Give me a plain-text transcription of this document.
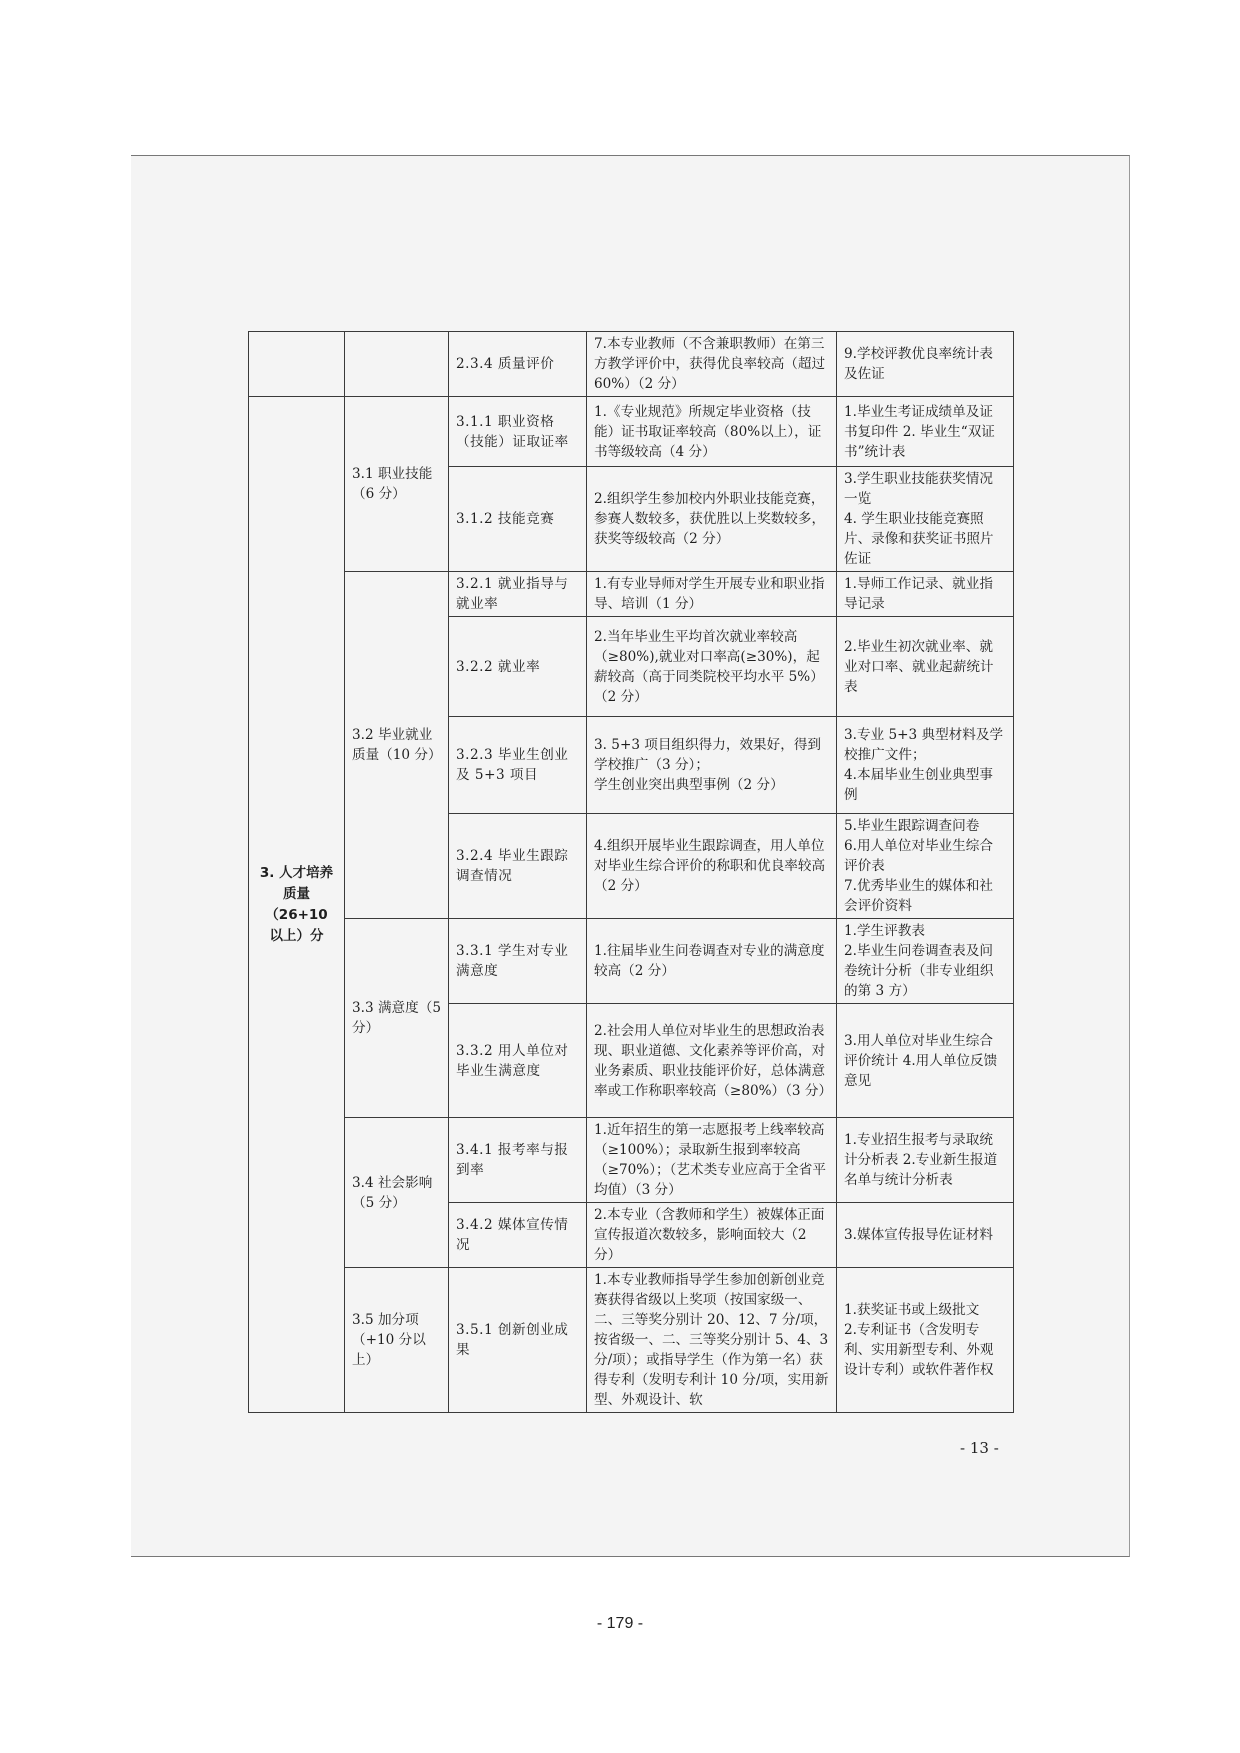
		2.3.4 质量评价	7.本专业教师（不含兼职教师）在第三方教学评价中，获得优良率较高（超过 60%）（2 分）	9.学校评教优良率统计表及佐证

3. 人才培养
质量（26+10
以上）分	3.1 职业技能（6 分）	3.1.1 职业资格（技能）证取证率	1.《专业规范》所规定毕业资格（技能）证书取证率较高（80%以上），证书等级较高（4 分）	1.毕业生考证成绩单及证书复印件 2. 毕业生“双证书”统计表
		3.1.2 技能竞赛	2.组织学生参加校内外职业技能竞赛，参赛人数较多，获优胜以上奖数较多，获奖等级较高（2 分）	3.学生职业技能获奖情况一览
4. 学生职业技能竞赛照片、录像和获奖证书照片佐证
	3.2 毕业就业质量（10 分）	3.2.1 就业指导与就业率	1.有专业导师对学生开展专业和职业指导、培训（1 分）	1.导师工作记录、就业指导记录
		3.2.2 就业率	2.当年毕业生平均首次就业率较高（≥80%),就业对口率高(≥30%)，起薪较高（高于同类院校平均水平 5%）（2 分）	2.毕业生初次就业率、就业对口率、就业起薪统计表
		3.2.3 毕业生创业及 5+3 项目	3. 5+3 项目组织得力，效果好，得到学校推广（3 分）；
学生创业突出典型事例（2 分）	3.专业 5+3 典型材料及学校推广文件；
4.本届毕业生创业典型事例
		3.2.4 毕业生跟踪调查情况	4.组织开展毕业生跟踪调查，用人单位对毕业生综合评价的称职和优良率较高（2 分）	5.毕业生跟踪调查问卷
6.用人单位对毕业生综合评价表
7.优秀毕业生的媒体和社会评价资料
	3.3 满意度（5 分）	3.3.1 学生对专业满意度	1.往届毕业生问卷调查对专业的满意度较高（2 分）	1.学生评教表
2.毕业生问卷调查表及问卷统计分析（非专业组织的第 3 方）
		3.3.2 用人单位对毕业生满意度	2.社会用人单位对毕业生的思想政治表现、职业道德、文化素养等评价高，对业务素质、职业技能评价好，总体满意率或工作称职率较高（≥80%）（3 分）	3.用人单位对毕业生综合评价统计 4.用人单位反馈意见
	3.4 社会影响（5 分）	3.4.1 报考率与报到率	1.近年招生的第一志愿报考上线率较高（≥100%）；录取新生报到率较高（≥70%）；（艺术类专业应高于全省平均值）（3 分）	1.专业招生报考与录取统计分析表 2.专业新生报道名单与统计分析表
		3.4.2 媒体宣传情况	2.本专业（含教师和学生）被媒体正面宣传报道次数较多，影响面较大（2 分）	3.媒体宣传报导佐证材料
	3.5 加分项（+10 分以上）	3.5.1 创新创业成果	1.本专业教师指导学生参加创新创业竞赛获得省级以上奖项（按国家级一、二、三等奖分别计 20、12、7 分/项，按省级一、二、三等奖分别计 5、4、3 分/项）；或指导学生（作为第一名）获得专利（发明专利计 10 分/项，实用新型、外观设计、软	1.获奖证书或上级批文
2.专利证书（含发明专利、实用新型专利、外观设计专利）或软件著作权
- 13 -
- 179 -
